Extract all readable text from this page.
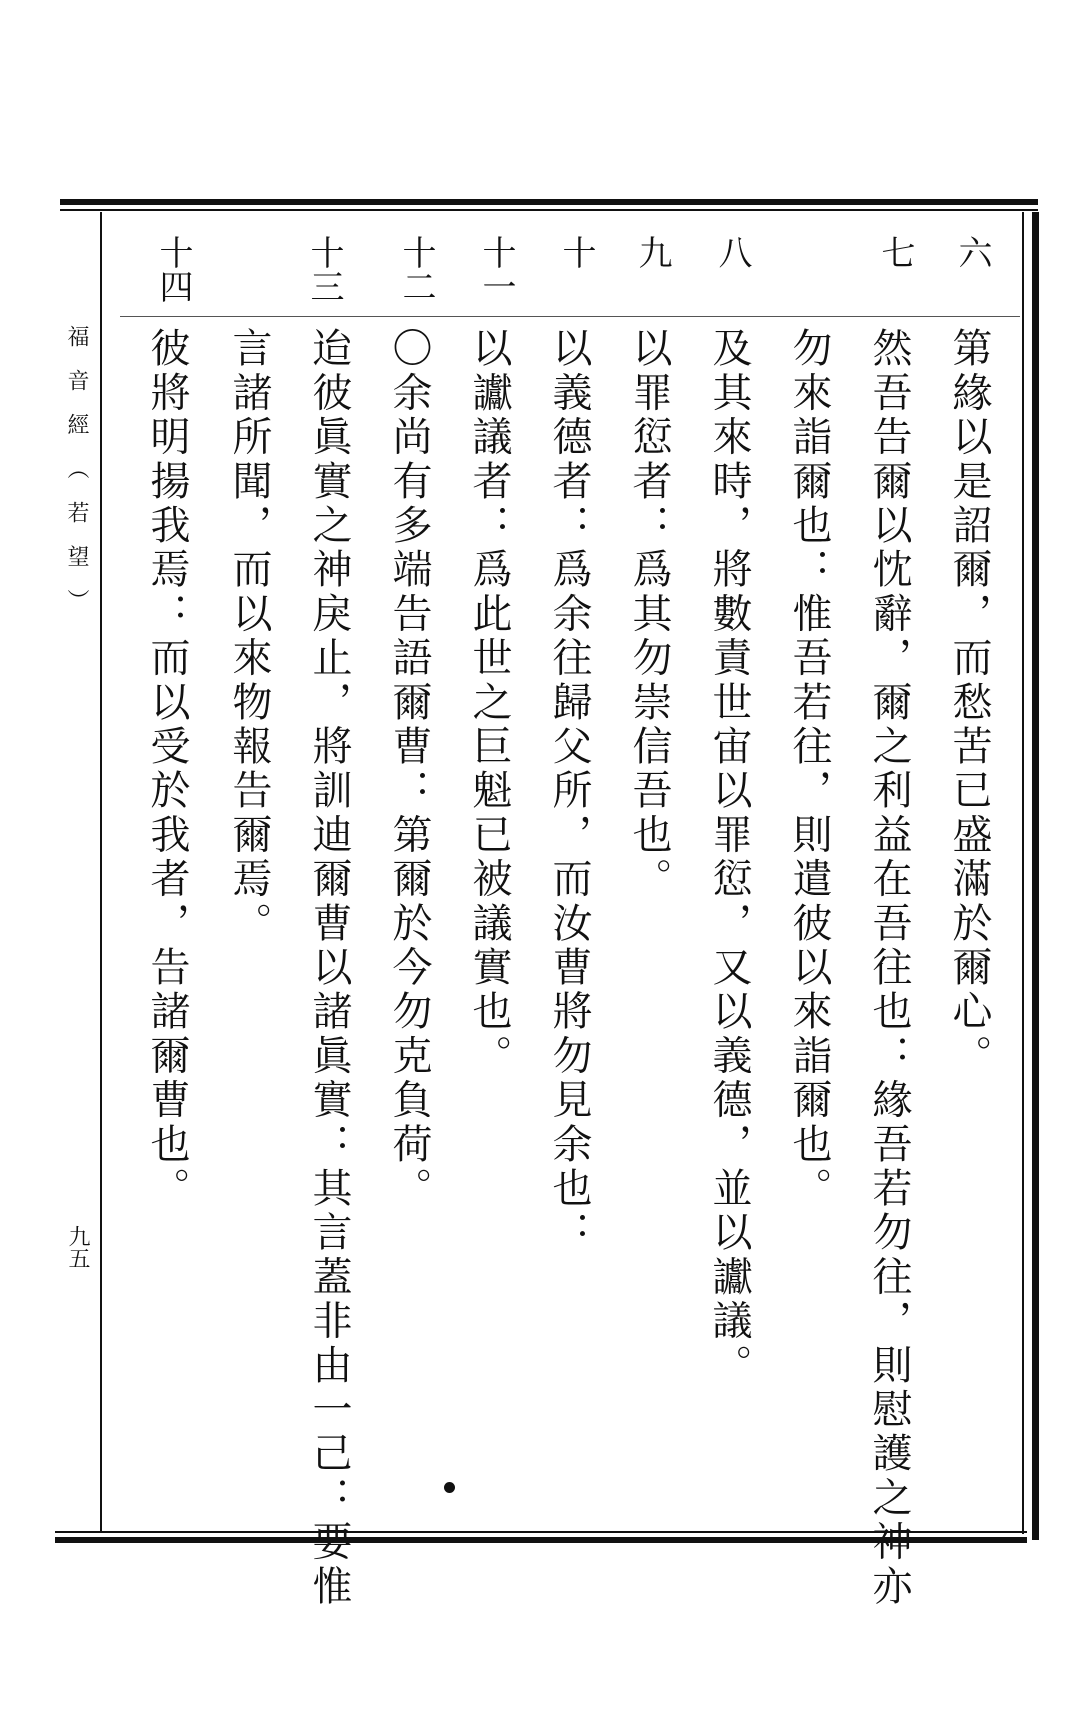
福音經（若望）
九五
六
七
八
九
十
十一
十二
十三
十四
第緣以是詔爾，而愁苦已盛滿於爾心。
然吾告爾以忱辭，爾之利益在吾往也：緣吾若勿往，則慰護之神亦
勿來詣爾也：惟吾若往，則遣彼以來詣爾也。
及其來時，將數責世宙以罪愆，又以義德，並以讞議。
以罪愆者：爲其勿崇信吾也。
以義德者：爲余往歸父所，而汝曹將勿見余也：
以讞議者：爲此世之巨魁已被議實也。
〇余尚有多端告語爾曹：第爾於今勿克負荷。
迨彼眞實之神戾止，將訓迪爾曹以諸眞實：其言蓋非由一己：要惟
言諸所聞，而以來物報告爾焉。
彼將明揚我焉：而以受於我者，告諸爾曹也。
